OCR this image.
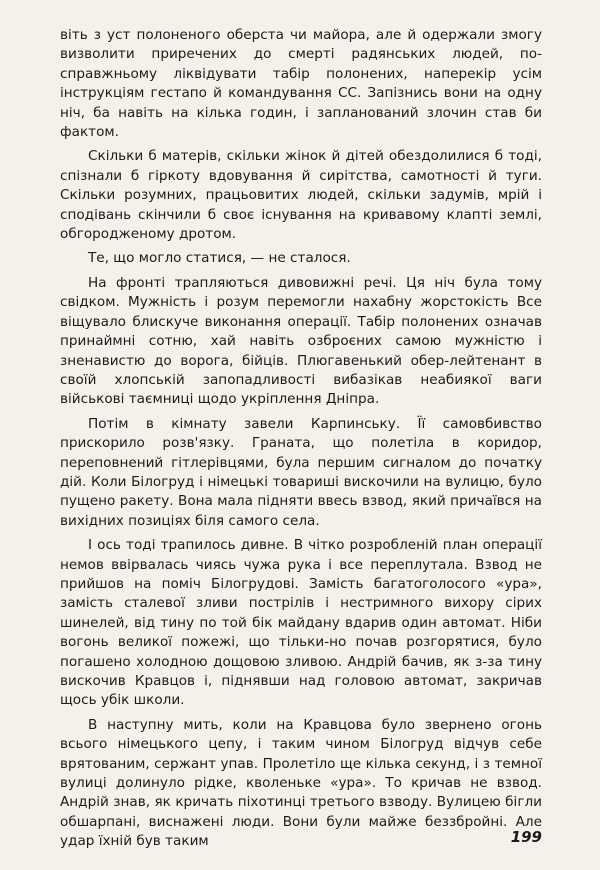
віть з уст полоненого оберста чи майора, але й одержали змогу визволити приречених до смерті радянських людей, по-справжньому ліквідувати табір полонених, наперекір усім інструкціям гестапо й командування СС. Запізнись вони на одну ніч, ба навіть на кілька годин, і запланований злочин став би фактом.

Скільки б матерів, скільки жінок й дітей обездолилися б тоді, спізнали б гіркоту вдовування й сирітства, самотності й туги. Скільки розумних, працьовитих людей, скільки задумів, мрій і сподівань скінчили б своє існування на кривавому клапті землі, обгородженому дротом.

Те, що могло статися, — не сталося.

На фронті трапляються дивовижні речі. Ця ніч була тому свідком. Мужність і розум перемогли нахабну жорстокість Все віщувало блискуче виконання операції. Табір полонених означав принаймні сотню, хай навіть озброєних самою мужністю і зненавистю до ворога, бійців. Плюгавенький обер-лейтенант в своїй хлопській запопадливості вибазікав неабиякої ваги військові таємниці щодо укріплення Дніпра.

Потім в кімнату завели Карпинську. Її самовбивство прискорило розв'язку. Граната, що полетіла в коридор, переповнений гітлерівцями, була першим сигналом до початку дій. Коли Білогруд і німецькі товариші вискочили на вулицю, було пущено ракету. Вона мала підняти ввесь взвод, який причаївся на вихідних позиціях біля самого села.

І ось тоді трапилось дивне. В чітко розробленій план операції немов ввірвалась чиясь чужа рука і все переплутала. Взвод не прийшов на поміч Білогрудові. Замість багатоголосого «ура», замість сталевої зливи пострілів і нестримного вихору сірих шинелей, від тину по той бік майдану вдарив один автомат. Ніби вогонь великої пожежі, що тільки-но почав розгорятися, було погашено холодною дощовою зливою. Андрій бачив, як з-за тину вискочив Кравцов і, піднявши над головою автомат, закричав щось убік школи.

В наступну мить, коли на Кравцова було звернено огонь всього німецького цепу, і таким чином Білогруд відчув себе врятованим, сержант упав. Пролетіло ще кілька секунд, і з темної вулиці долинуло рідке, кволеньке «ура». То кричав не взвод. Андрій знав, як кричать піхотинці третього взводу. Вулицею бігли обшарпані, виснажені люди. Вони були майже беззбройні. Але удар їхній був таким	199
